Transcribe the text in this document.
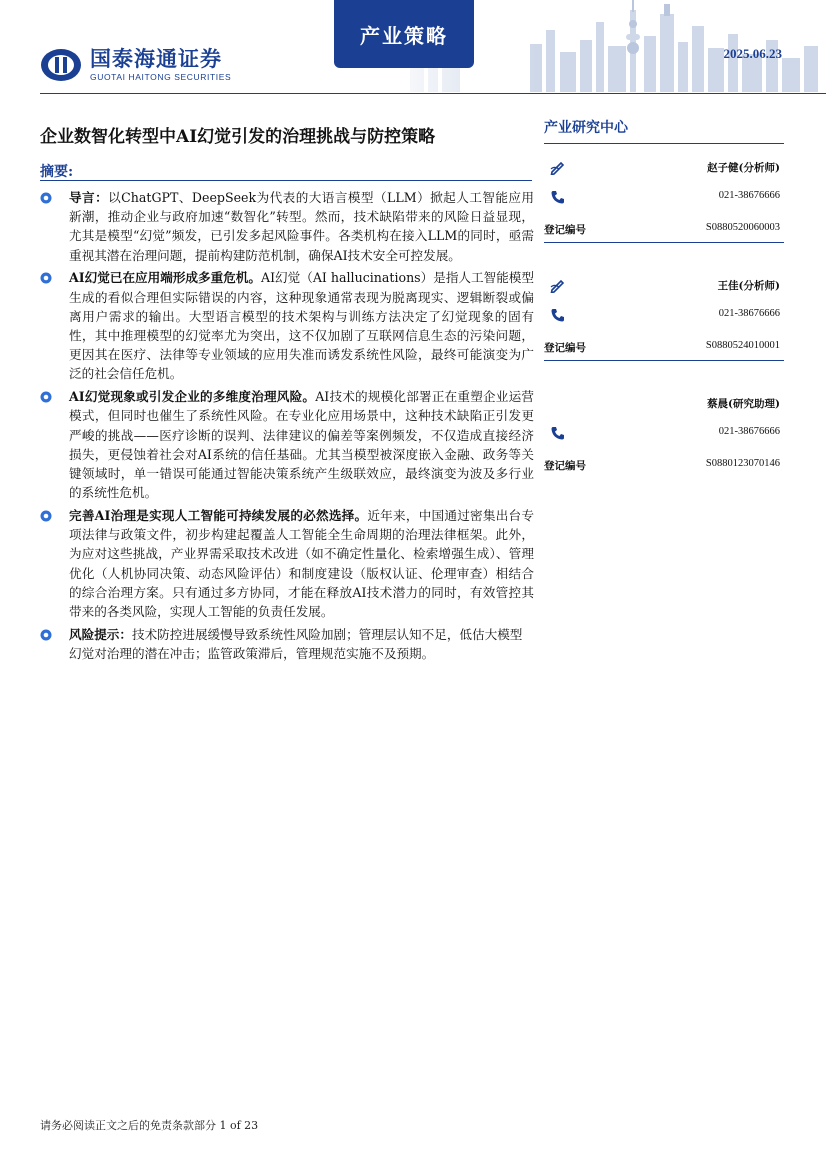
国泰海通证券
GUOTAI HAITONG SECURITIES
产业策略
2025.06.23
企业数智化转型中AI幻觉引发的治理挑战与防控策略
摘要:
导言：以ChatGPT、DeepSeek为代表的大语言模型（LLM）掀起人工智能应用新潮，推动企业与政府加速“数智化”转型。然而，技术缺陷带来的风险日益显现，尤其是模型“幻觉”频发，已引发多起风险事件。各类机构在接入LLM的同时，亟需重视其潜在治理问题，提前构建防范机制，确保AI技术安全可控发展。
AI幻觉已在应用端形成多重危机。AI幻觉（AI hallucinations）是指人工智能模型生成的看似合理但实际错误的内容，这种现象通常表现为脱离现实、逻辑断裂或偏离用户需求的输出。大型语言模型的技术架构与训练方法决定了幻觉现象的固有性，其中推理模型的幻觉率尤为突出，这不仅加剧了互联网信息生态的污染问题，更因其在医疗、法律等专业领域的应用失准而诱发系统性风险，最终可能演变为广泛的社会信任危机。
AI幻觉现象或引发企业的多维度治理风险。AI技术的规模化部署正在重塑企业运营模式，但同时也催生了系统性风险。在专业化应用场景中，这种技术缺陷正引发更严峻的挑战——医疗诊断的误判、法律建议的偏差等案例频发，不仅造成直接经济损失，更侵蚀着社会对AI系统的信任基础。尤其当模型被深度嵌入金融、政务等关键领域时，单一错误可能通过智能决策系统产生级联效应，最终演变为波及多行业的系统性危机。
完善AI治理是实现人工智能可持续发展的必然选择。近年来，中国通过密集出台专项法律与政策文件，初步构建起覆盖人工智能全生命周期的治理法律框架。此外，为应对这些挑战，产业界需采取技术改进（如不确定性量化、检索增强生成）、管理优化（人机协同决策、动态风险评估）和制度建设（版权认证、伦理审查）相结合的综合治理方案。只有通过多方协同，才能在释放AI技术潜力的同时，有效管控其带来的各类风险，实现人工智能的负责任发展。
风险提示：技术防控进展缓慢导致系统性风险加剧；管理层认知不足，低估大模型幻觉对治理的潜在冲击；监管政策滞后，管理规范实施不及预期。
产业研究中心
赵子健(分析师)
021-38676666
登记编号	S0880520060003
王佳(分析师)
021-38676666
登记编号	S0880524010001
蔡晨(研究助理)
021-38676666
登记编号	S0880123070146
请务必阅读正文之后的免责条款部分 1 of 23
